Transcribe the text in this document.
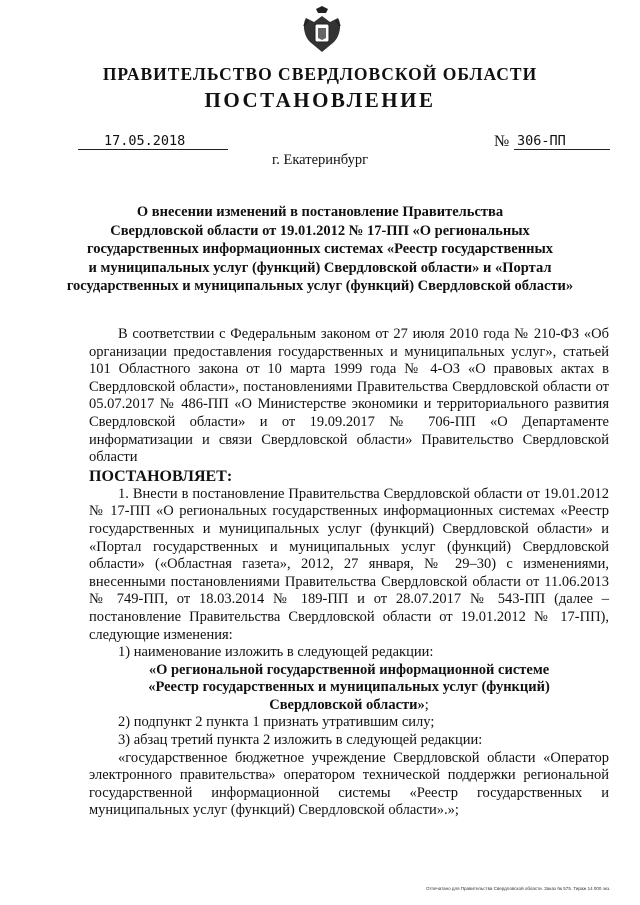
ПРАВИТЕЛЬСТВО СВЕРДЛОВСКОЙ ОБЛАСТИ
ПОСТАНОВЛЕНИЕ
17.05.2018	№ 306-ПП
г. Екатеринбург
О внесении изменений в постановление Правительства
Свердловской области от 19.01.2012 № 17-ПП «О региональных
государственных информационных системах «Реестр государственных
и муниципальных услуг (функций) Свердловской области» и «Портал
государственных и муниципальных услуг (функций) Свердловской области»

В соответствии с Федеральным законом от 27 июля 2010 года № 210-ФЗ «Об организации предоставления государственных и муниципальных услуг», статьей 101 Областного закона от 10 марта 1999 года № 4-ОЗ «О правовых актах в Свердловской области», постановлениями Правительства Свердловской области от 05.07.2017 № 486-ПП «О Министерстве экономики и территориального развития Свердловской области» и от 19.09.2017 № 706-ПП «О Департаменте информатизации и связи Свердловской области» Правительство Свердловской области

ПОСТАНОВЛЯЕТ:

1. Внести в постановление Правительства Свердловской области от 19.01.2012 № 17-ПП «О региональных государственных информационных системах «Реестр государственных и муниципальных услуг (функций) Свердловской области» и «Портал государственных и муниципальных услуг (функций) Свердловской области» («Областная газета», 2012, 27 января, № 29–30) с изменениями, внесенными постановлениями Правительства Свердловской области от 11.06.2013 № 749-ПП, от 18.03.2014 № 189-ПП и от 28.07.2017 № 543-ПП (далее – постановление Правительства Свердловской области от 19.01.2012 № 17-ПП), следующие изменения:

1) наименование изложить в следующей редакции:

«О региональной государственной информационной системе

«Реестр государственных и муниципальных услуг (функций)

Свердловской области»;

2) подпункт 2 пункта 1 признать утратившим силу;

3) абзац третий пункта 2 изложить в следующей редакции:

«государственное бюджетное учреждение Свердловской области «Оператор электронного правительства» оператором технической поддержки региональной государственной информационной системы «Реестр государственных и муниципальных услуг (функций) Свердловской области».»;

Отпечатано для Правительства Свердловской области. Заказ № 575. Тираж 14 000 экз.
